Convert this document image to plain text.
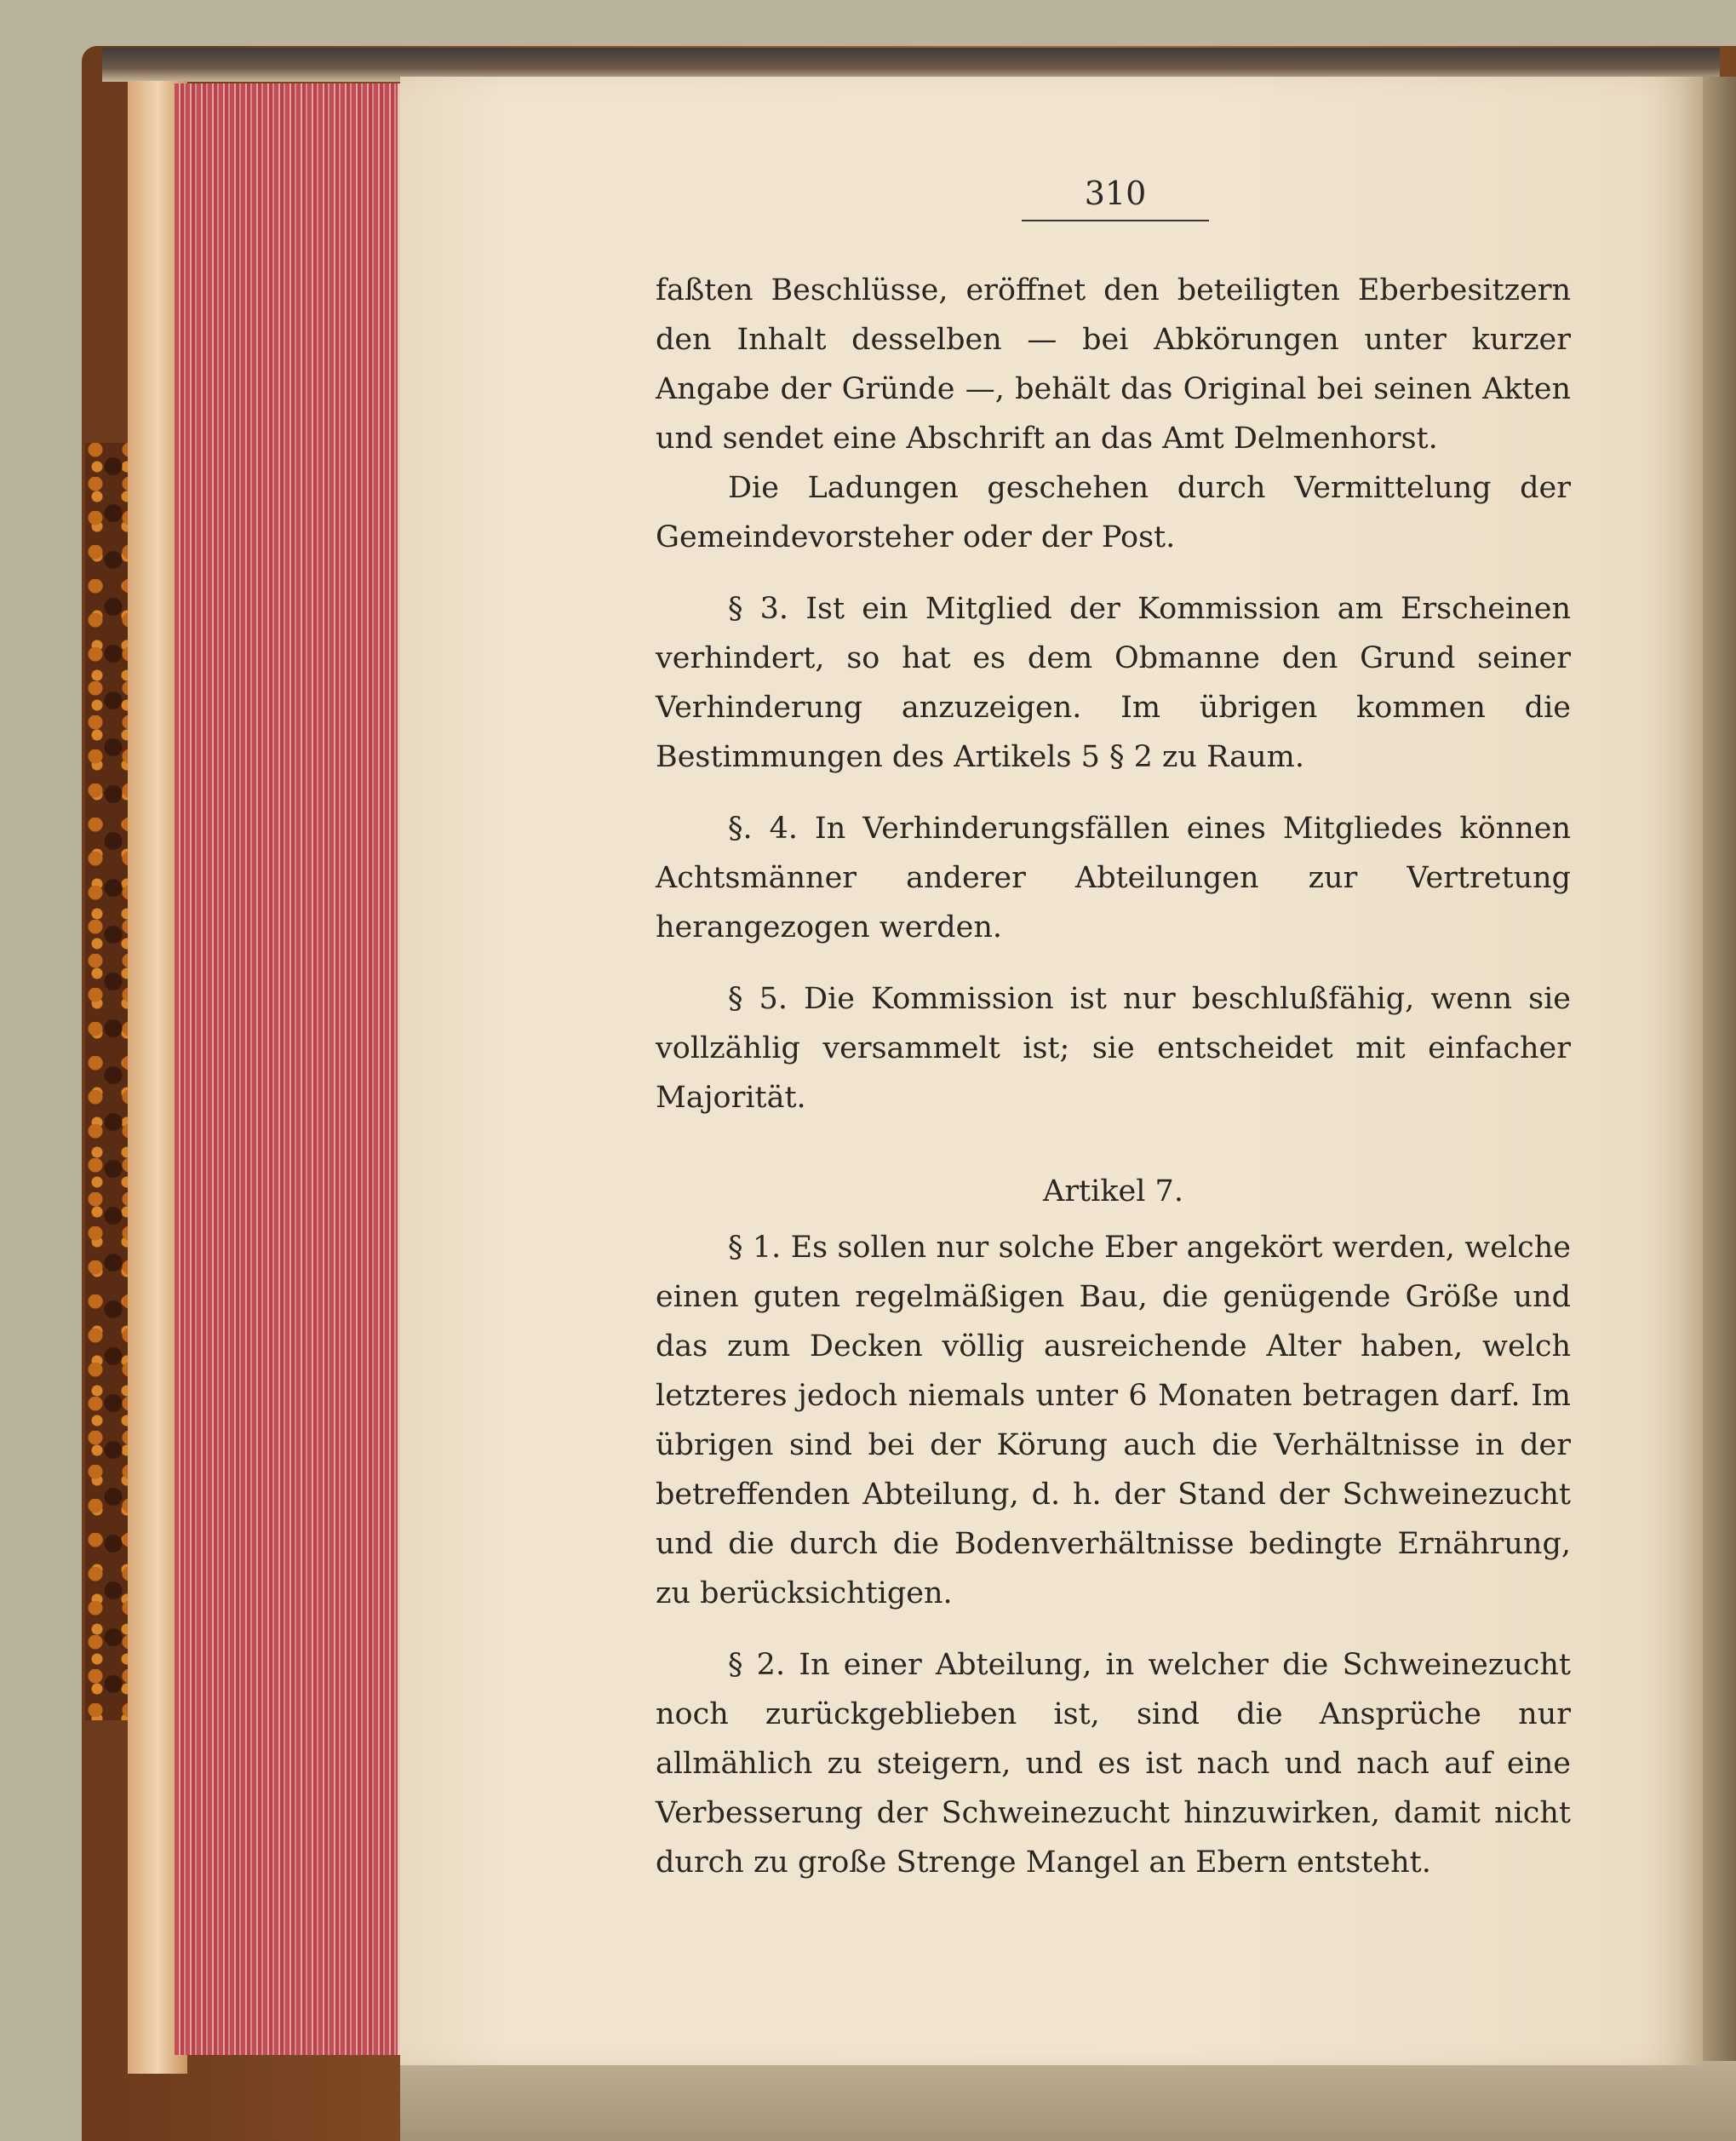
310

faßten Beschlüsse, eröffnet den beteiligten Eberbesitzern den Inhalt desselben — bei Abkörungen unter kurzer Angabe der Gründe —, behält das Original bei seinen Akten und sendet eine Abschrift an das Amt Delmenhorst.

Die Ladungen geschehen durch Vermittelung der Gemeindevorsteher oder der Post.

§ 3. Ist ein Mitglied der Kommission am Erscheinen verhindert, so hat es dem Obmanne den Grund seiner Verhinderung anzuzeigen. Im übrigen kommen die Bestimmungen des Artikels 5 § 2 zu Raum.

§. 4. In Verhinderungsfällen eines Mitgliedes können Achtsmänner anderer Abteilungen zur Vertretung herangezogen werden.

§ 5. Die Kommission ist nur beschlußfähig, wenn sie vollzählig versammelt ist; sie entscheidet mit einfacher Majorität.

Artikel 7.

§ 1. Es sollen nur solche Eber angekört werden, welche einen guten regelmäßigen Bau, die genügende Größe und das zum Decken völlig ausreichende Alter haben, welch letzteres jedoch niemals unter 6 Monaten betragen darf. Im übrigen sind bei der Körung auch die Verhältnisse in der betreffenden Abteilung, d. h. der Stand der Schweinezucht und die durch die Bodenverhältnisse bedingte Ernährung, zu berücksichtigen.

§ 2. In einer Abteilung, in welcher die Schweinezucht noch zurückgeblieben ist, sind die Ansprüche nur allmählich zu steigern, und es ist nach und nach auf eine Verbesserung der Schweinezucht hinzuwirken, damit nicht durch zu große Strenge Mangel an Ebern entsteht.
